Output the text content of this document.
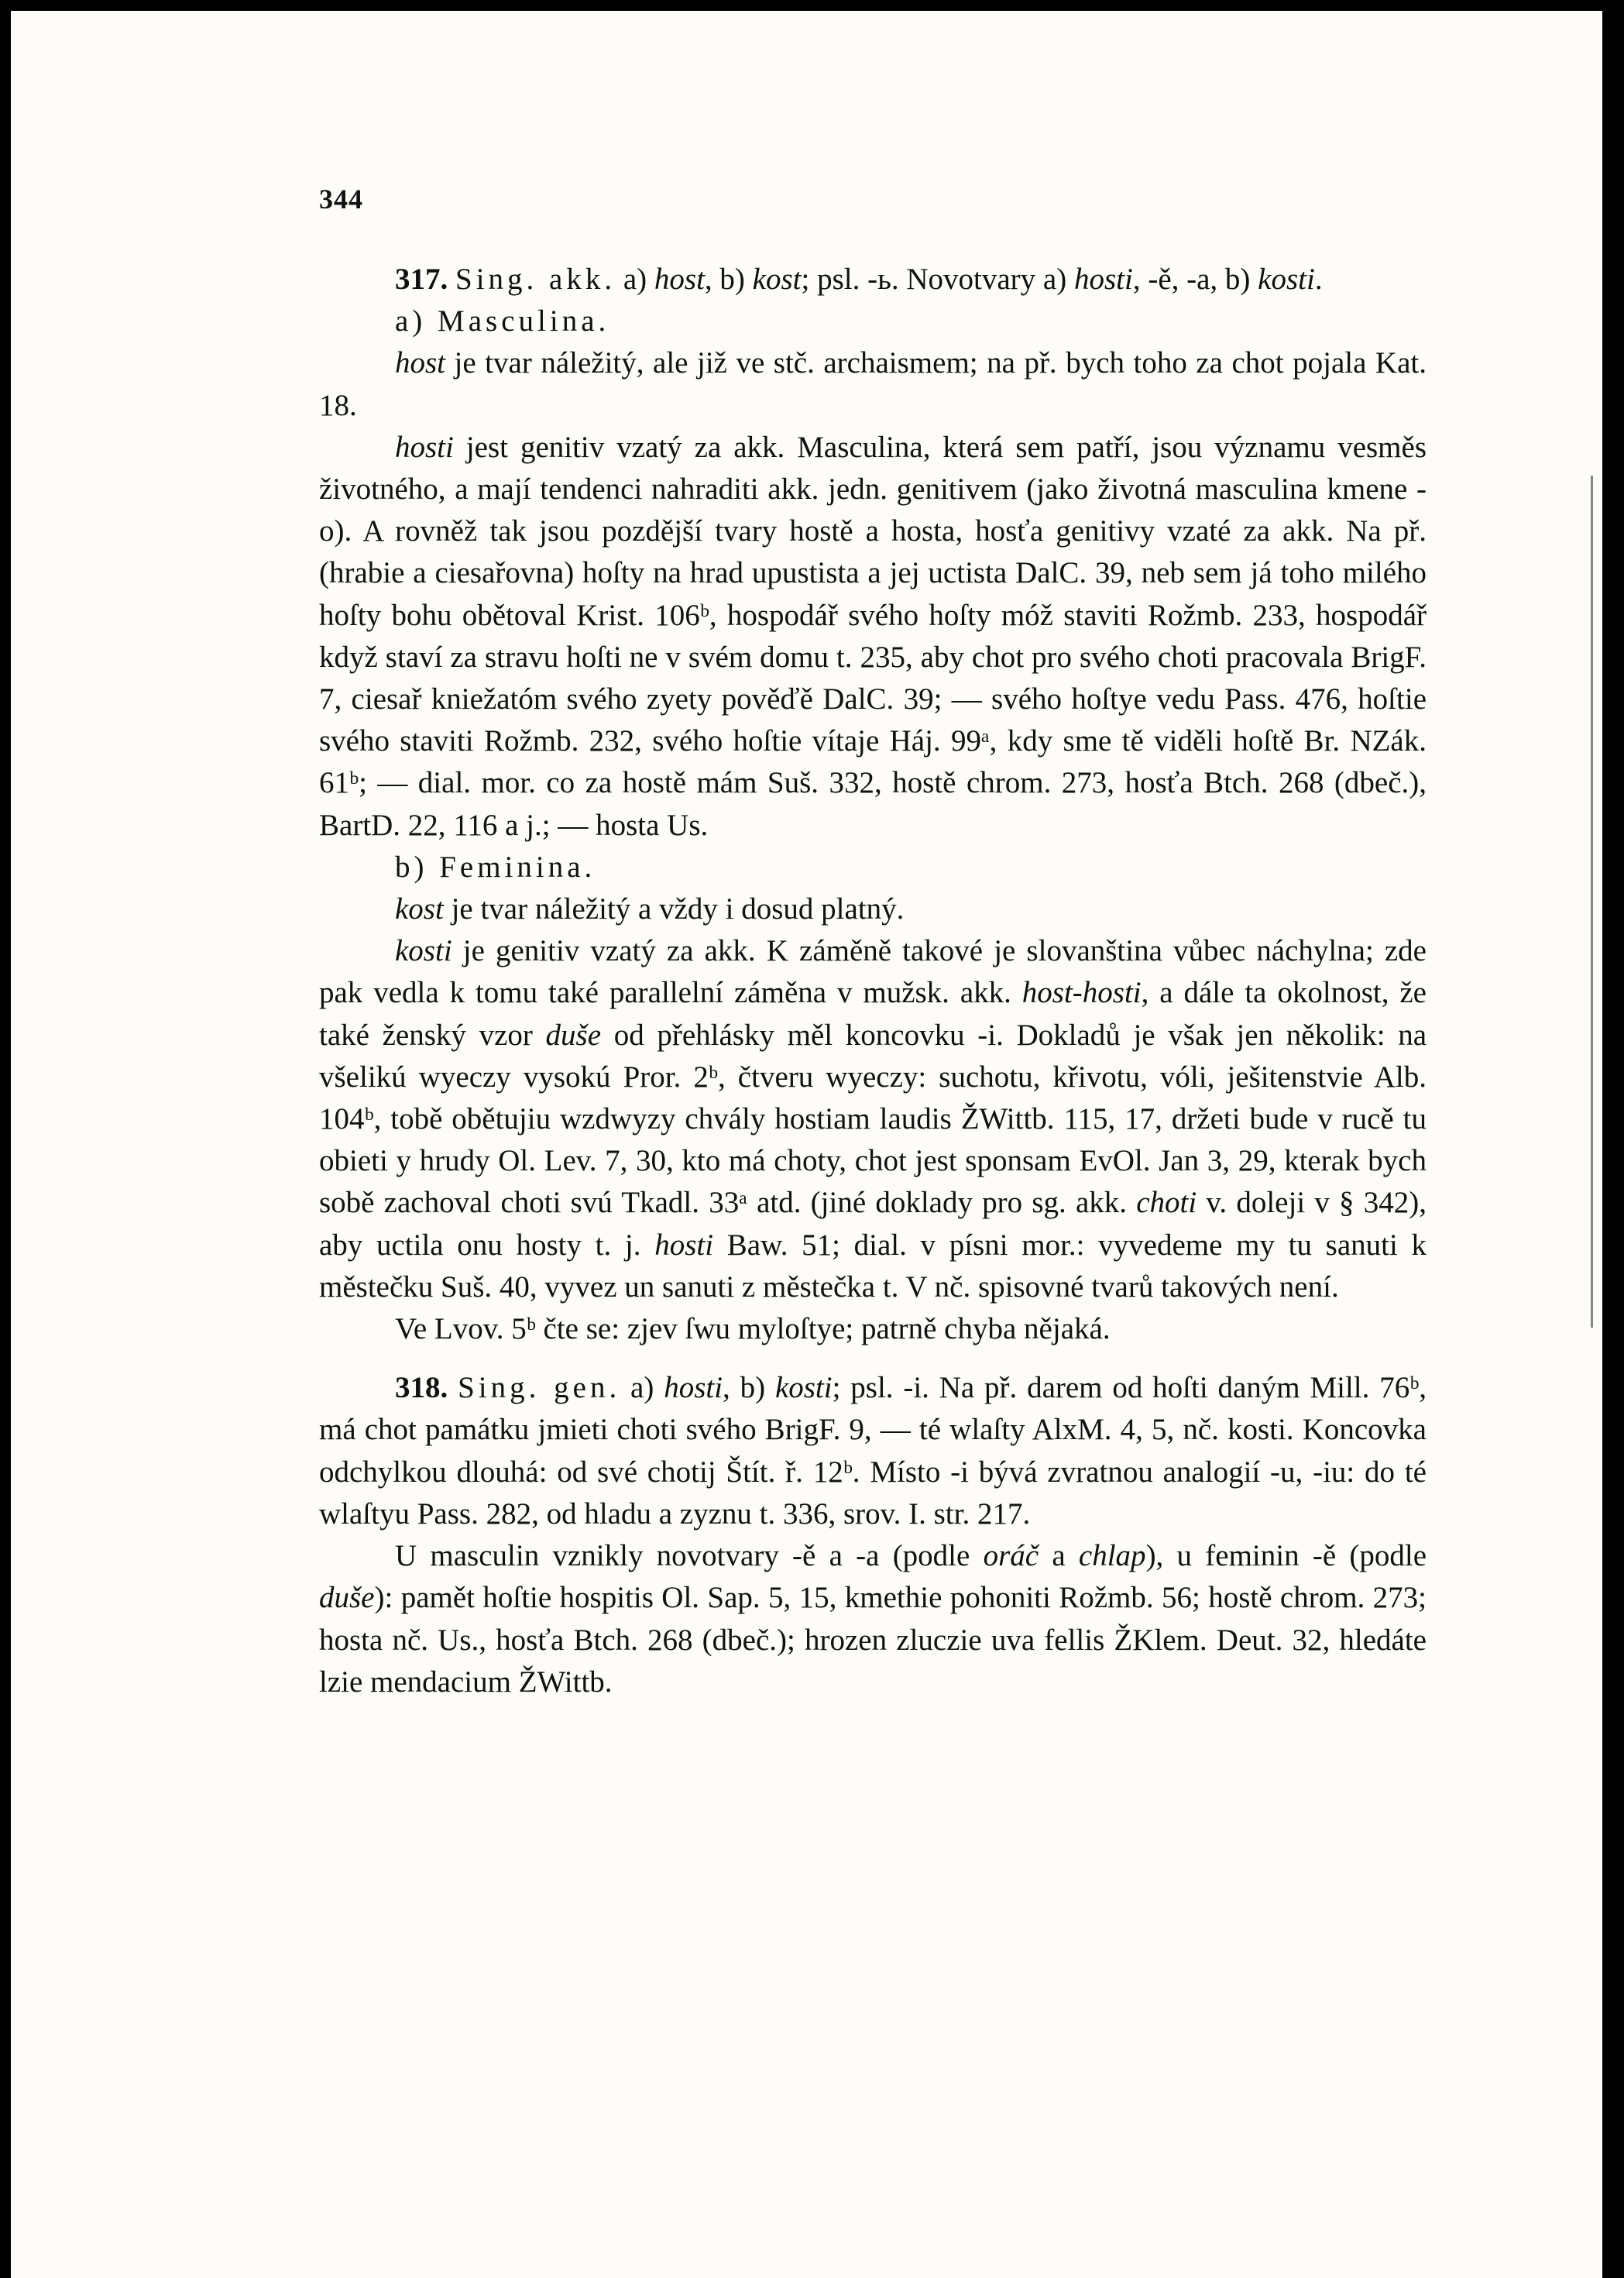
344

317. Sing. akk. a) host, b) kost; psl. -ь. Novotvary a) hosti, -ě, -a, b) kosti.

a) Masculina.

host je tvar náležitý, ale již ve stč. archaismem; na př. bych toho za chot pojala Kat. 18.

hosti jest genitiv vzatý za akk. Masculina, která sem patří, jsou významu vesměs životného, a mají tendenci nahraditi akk. jedn. genitivem (jako životná masculina kmene -o). A rovněž tak jsou pozdější tvary hostě a hosta, hosťa genitivy vzaté za akk. Na př. (hrabie a ciesařovna) hoſty na hrad upustista a jej uctista DalC. 39, neb sem já toho milého hoſty bohu obětoval Krist. 106ᵇ, hospodář svého hoſty móž staviti Rožmb. 233, hospodář když staví za stravu hoſti ne v svém domu t. 235, aby chot pro svého choti pracovala BrigF. 7, ciesař kniežatóm svého zyety pověďě DalC. 39; — svého hoſtye vedu Pass. 476, hoſtie svého staviti Rožmb. 232, svého hoſtie vítaje Háj. 99ᵃ, kdy sme tě viděli hoſtě Br. NZák. 61ᵇ; — dial. mor. co za hostě mám Suš. 332, hostě chrom. 273, hosťa Btch. 268 (dbeč.), BartD. 22, 116 a j.; — hosta Us.

b) Feminina.

kost je tvar náležitý a vždy i dosud platný.

kosti je genitiv vzatý za akk. K záměně takové je slovanština vůbec náchylna; zde pak vedla k tomu také parallelní záměna v mužsk. akk. host-hosti, a dále ta okolnost, že také ženský vzor duše od přehlásky měl koncovku -i. Dokladů je však jen několik: na všelikú wyeczy vysokú Pror. 2ᵇ, čtveru wyeczy: suchotu, křivotu, vóli, ješitenstvie Alb. 104ᵇ, tobě obětujiu wzdwyzy chvály hostiam laudis ŽWittb. 115, 17, držeti bude v rucě tu obieti y hrudy Ol. Lev. 7, 30, kto má choty, chot jest sponsam EvOl. Jan 3, 29, kterak bych sobě zachoval choti svú Tkadl. 33ᵃ atd. (jiné doklady pro sg. akk. choti v. doleji v § 342), aby uctila onu hosty t. j. hosti Baw. 51; dial. v písni mor.: vyvedeme my tu sanuti k městečku Suš. 40, vyvez un sanuti z městečka t. V nč. spisovné tvarů takových není.

Ve Lvov. 5ᵇ čte se: zjev ſwu myloſtye; patrně chyba nějaká.

318. Sing. gen. a) hosti, b) kosti; psl. -i. Na př. darem od hoſti daným Mill. 76ᵇ, má chot památku jmieti choti svého BrigF. 9, — té wlaſty AlxM. 4, 5, nč. kosti. Koncovka odchylkou dlouhá: od své chotij Štít. ř. 12ᵇ. Místo -i bývá zvratnou analogií -u, -iu: do té wlaſtyu Pass. 282, od hladu a zyznu t. 336, srov. I. str. 217.

U masculin vznikly novotvary -ě a -a (podle oráč a chlap), u feminin -ě (podle duše): pamět hoſtie hospitis Ol. Sap. 5, 15, kmethie pohoniti Rožmb. 56; hostě chrom. 273; hosta nč. Us., hosťa Btch. 268 (dbeč.); hrozen zluczie uva fellis ŽKlem. Deut. 32, hledáte lzie mendacium ŽWittb.
